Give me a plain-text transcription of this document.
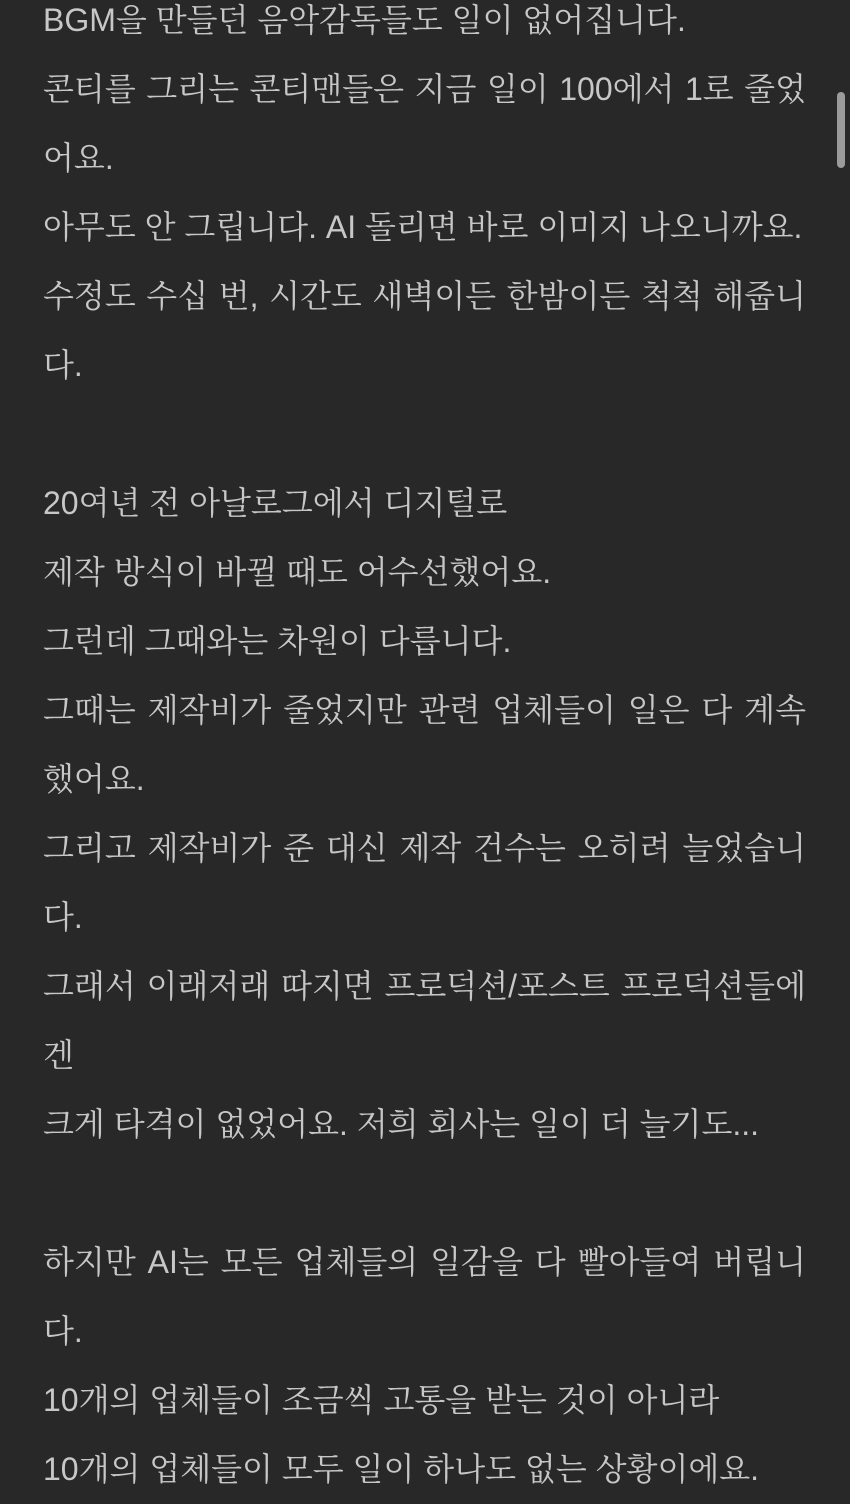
BGM을 만들던 음악감독들도 일이 없어집니다.
콘티를 그리는 콘티맨들은 지금 일이 100에서 1로 줄었
어요.
아무도 안 그립니다. AI 돌리면 바로 이미지 나오니까요.
수정도 수십 번, 시간도 새벽이든 한밤이든 척척 해줍니
다.
20여년 전 아날로그에서 디지털로
제작 방식이 바뀔 때도 어수선했어요.
그런데 그때와는 차원이 다릅니다.
그때는 제작비가 줄었지만 관련 업체들이 일은 다 계속
했어요.
그리고 제작비가 준 대신 제작 건수는 오히려 늘었습니
다.
그래서 이래저래 따지면 프로덕션/포스트 프로덕션들에
겐
크게 타격이 없었어요. 저희 회사는 일이 더 늘기도...
하지만 AI는 모든 업체들의 일감을 다 빨아들여 버립니
다.
10개의 업체들이 조금씩 고통을 받는 것이 아니라
10개의 업체들이 모두 일이 하나도 없는 상황이에요.
